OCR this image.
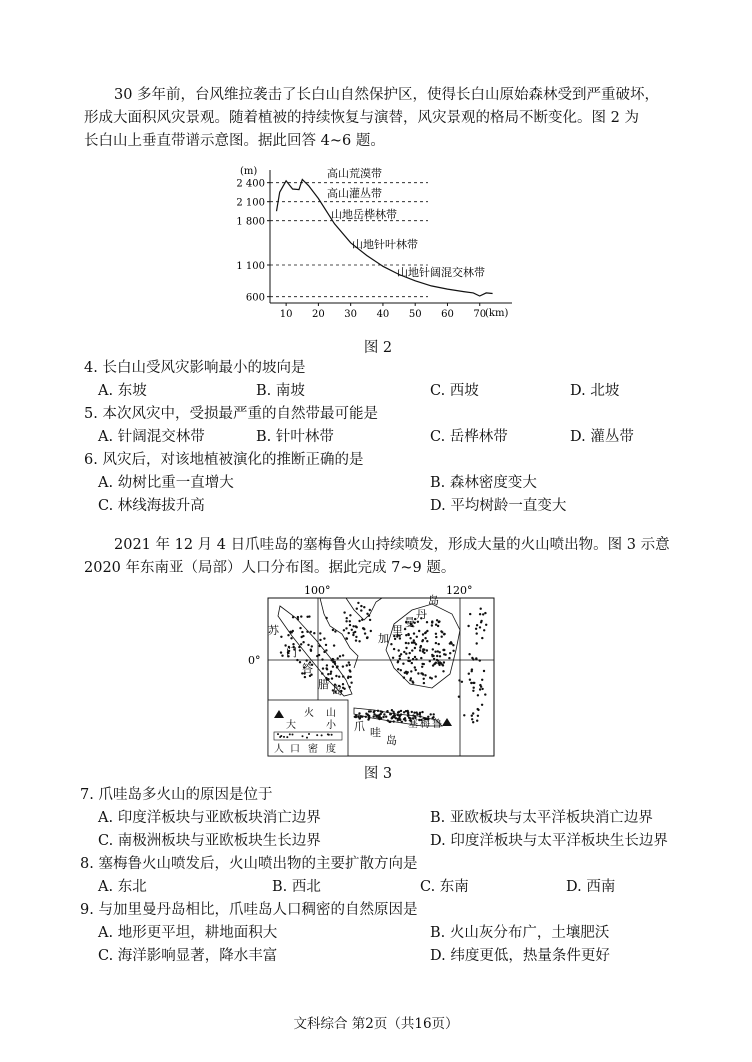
30 多年前，台风维拉袭击了长白山自然保护区，使得长白山原始森林受到严重破坏，

形成大面积风灾景观。随着植被的持续恢复与演替，风灾景观的格局不断变化。图 2 为

长白山上垂直带谱示意图。据此回答 4~6 题。

(m)
2 400
2 100
1 800
1 100
600
10 20 30 40 50 60 70
(km)
高山荒漠带
高山灌丛带
山地岳桦林带
山地针叶林带
山地针阔混交林带
图 2
4. 长白山受风灾影响最小的坡向是
A. 东坡	B. 南坡	C. 西坡	D. 北坡
5. 本次风灾中，受损最严重的自然带最可能是
A. 针阔混交林带	B. 针叶林带	C. 岳桦林带	D. 灌丛带
6. 风灾后，对该地植被演化的推断正确的是
A. 幼树比重一直增大	B. 森林密度变大
C. 林线海拔升高	D. 平均树龄一直变大

2021 年 12 月 4 日爪哇岛的塞梅鲁火山持续喷发，形成大量的火山喷出物。图 3 示意

2020 年东南亚（局部）人口分布图。据此完成 7~9 题。

100°	120°
0°
火 山
大	小
人 口 密 度
苏
门
答
腊 岛
加
里
曼
丹
岛
爪 哇
岛
塞 梅 鲁
图 3
7. 爪哇岛多火山的原因是位于
A. 印度洋板块与亚欧板块消亡边界	B. 亚欧板块与太平洋板块消亡边界
C. 南极洲板块与亚欧板块生长边界	D. 印度洋板块与太平洋板块生长边界
8. 塞梅鲁火山喷发后，火山喷出物的主要扩散方向是
A. 东北	B. 西北	C. 东南	D. 西南
9. 与加里曼丹岛相比，爪哇岛人口稠密的自然原因是
A. 地形更平坦，耕地面积大	B. 火山灰分布广，土壤肥沃
C. 海洋影响显著，降水丰富	D. 纬度更低，热量条件更好
文科综合 第2页（共16页）
